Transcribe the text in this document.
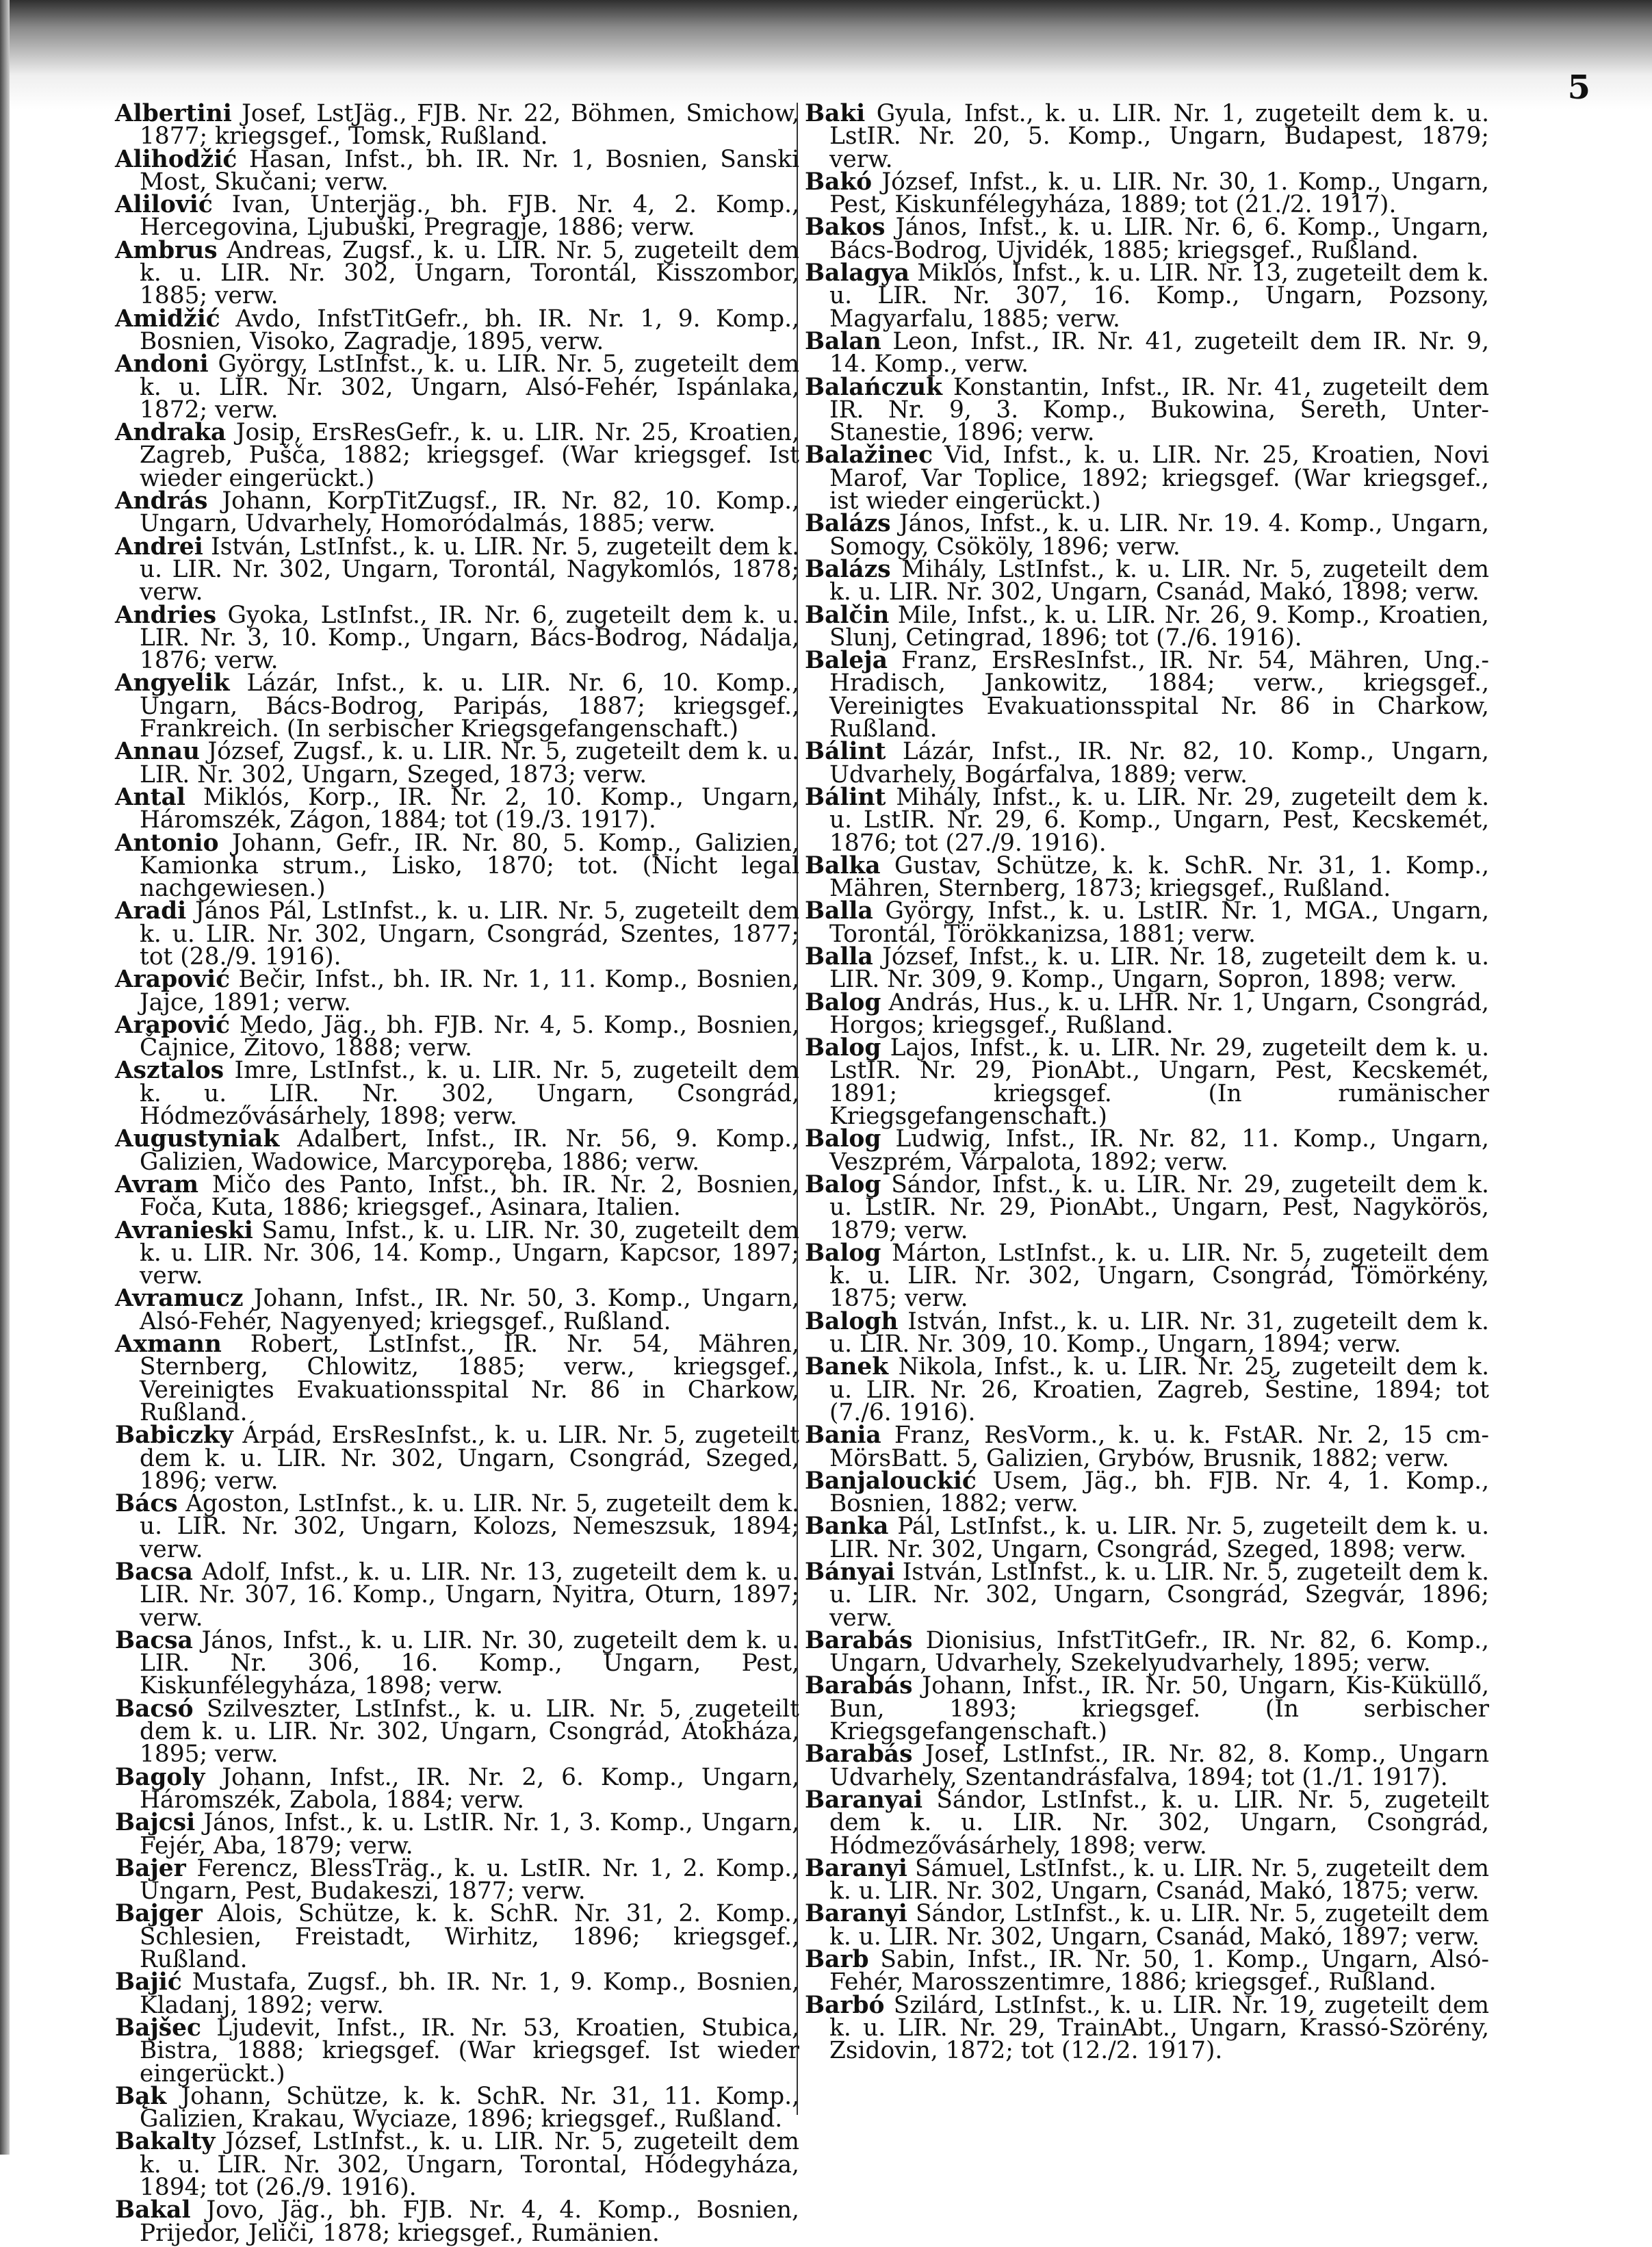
5

Albertini Josef, LstJäg., FJB. Nr. 22, Böhmen, Smichow, 1877; kriegsgef., Tomsk, Rußland.

Alihodžić Hasan, Infst., bh. IR. Nr. 1, Bosnien, Sanski Most, Skučani; verw.

Alilović Ivan, Unterjäg., bh. FJB. Nr. 4, 2. Komp., Hercegovina, Ljubuški, Pregragje, 1886; verw.

Ambrus Andreas, Zugsf., k. u. LIR. Nr. 5, zugeteilt dem k. u. LIR. Nr. 302, Ungarn, Torontál, Kisszombor, 1885; verw.

Amidžić Avdo, InfstTitGefr., bh. IR. Nr. 1, 9. Komp., Bosnien, Visoko, Zagradje, 1895, verw.

Andoni György, LstInfst., k. u. LIR. Nr. 5, zugeteilt dem k. u. LIR. Nr. 302, Ungarn, Alsó-Fehér, Ispánlaka, 1872; verw.

Andraka Josip, ErsResGefr., k. u. LIR. Nr. 25, Kroatien, Zagreb, Pušča, 1882; kriegsgef. (War kriegsgef. Ist wieder eingerückt.)

András Johann, KorpTitZugsf., IR. Nr. 82, 10. Komp., Ungarn, Udvarhely, Homoródalmás, 1885; verw.

Andrei István, LstInfst., k. u. LIR. Nr. 5, zugeteilt dem k. u. LIR. Nr. 302, Ungarn, Torontál, Nagykomlós, 1878; verw.

Andries Gyoka, LstInfst., IR. Nr. 6, zugeteilt dem k. u. LIR. Nr. 3, 10. Komp., Ungarn, Bács-Bodrog, Nádalja, 1876; verw.

Angyelik Lázár, Infst., k. u. LIR. Nr. 6, 10. Komp., Ungarn, Bács-Bodrog, Paripás, 1887; kriegsgef., Frankreich. (In serbischer Kriegsgefangenschaft.)

Annau József, Zugsf., k. u. LIR. Nr. 5, zugeteilt dem k. u. LIR. Nr. 302, Ungarn, Szeged, 1873; verw.

Antal Miklós, Korp., IR. Nr. 2, 10. Komp., Ungarn, Háromszék, Zágon, 1884; tot (19./3. 1917).

Antonio Johann, Gefr., IR. Nr. 80, 5. Komp., Galizien, Kamionka strum., Lisko, 1870; tot. (Nicht legal nachgewiesen.)

Aradi János Pál, LstInfst., k. u. LIR. Nr. 5, zugeteilt dem k. u. LIR. Nr. 302, Ungarn, Csongrád, Szentes, 1877; tot (28./9. 1916).

Arapović Bečir, Infst., bh. IR. Nr. 1, 11. Komp., Bosnien, Jajce, 1891; verw.

Arapović Medo, Jäg., bh. FJB. Nr. 4, 5. Komp., Bosnien, Čajnice, Žitovo, 1888; verw.

Asztalos Imre, LstInfst., k. u. LIR. Nr. 5, zugeteilt dem k. u. LIR. Nr. 302, Ungarn, Csongrád, Hódmezővásárhely, 1898; verw.

Augustyniak Adalbert, Infst., IR. Nr. 56, 9. Komp., Galizien, Wadowice, Marcyporęba, 1886; verw.

Avram Mičo des Panto, Infst., bh. IR. Nr. 2, Bosnien, Foča, Kuta, 1886; kriegsgef., Asinara, Italien.

Avranieski Samu, Infst., k. u. LIR. Nr. 30, zugeteilt dem k. u. LIR. Nr. 306, 14. Komp., Ungarn, Kapcsor, 1897; verw.

Avramucz Johann, Infst., IR. Nr. 50, 3. Komp., Ungarn, Alsó-Fehér, Nagyenyed; kriegsgef., Rußland.

Axmann Robert, LstInfst., IR. Nr. 54, Mähren, Sternberg, Chlowitz, 1885; verw., kriegsgef., Vereinigtes Evakuationsspital Nr. 86 in Charkow, Rußland.

Babiczky Árpád, ErsResInfst., k. u. LIR. Nr. 5, zugeteilt dem k. u. LIR. Nr. 302, Ungarn, Csongrád, Szeged, 1896; verw.

Bács Ágoston, LstInfst., k. u. LIR. Nr. 5, zugeteilt dem k. u. LIR. Nr. 302, Ungarn, Kolozs, Nemeszsuk, 1894; verw.

Bacsa Adolf, Infst., k. u. LIR. Nr. 13, zugeteilt dem k. u. LIR. Nr. 307, 16. Komp., Ungarn, Nyitra, Oturn, 1897; verw.

Bacsa János, Infst., k. u. LIR. Nr. 30, zugeteilt dem k. u. LIR. Nr. 306, 16. Komp., Ungarn, Pest, Kiskunfélegyháza, 1898; verw.

Bacsó Szilveszter, LstInfst., k. u. LIR. Nr. 5, zugeteilt dem k. u. LIR. Nr. 302, Ungarn, Csongrád, Átokháza, 1895; verw.

Bagoly Johann, Infst., IR. Nr. 2, 6. Komp., Ungarn, Háromszék, Zabola, 1884; verw.

Bajcsi János, Infst., k. u. LstIR. Nr. 1, 3. Komp., Ungarn, Fejér, Aba, 1879; verw.

Bajer Ferencz, BlessTräg., k. u. LstIR. Nr. 1, 2. Komp., Ungarn, Pest, Budakeszi, 1877; verw.

Bajger Alois, Schütze, k. k. SchR. Nr. 31, 2. Komp., Schlesien, Freistadt, Wirhitz, 1896; kriegsgef., Rußland.

Bajić Mustafa, Zugsf., bh. IR. Nr. 1, 9. Komp., Bosnien, Kladanj, 1892; verw.

Bajšec Ljudevit, Infst., IR. Nr. 53, Kroatien, Stubica, Bistra, 1888; kriegsgef. (War kriegsgef. Ist wieder eingerückt.)

Bąk Johann, Schütze, k. k. SchR. Nr. 31, 11. Komp., Galizien, Krakau, Wyciaze, 1896; kriegsgef., Rußland.

Bakalty József, LstInfst., k. u. LIR. Nr. 5, zugeteilt dem k. u. LIR. Nr. 302, Ungarn, Torontal, Hódegyháza, 1894; tot (26./9. 1916).

Bakal Jovo, Jäg., bh. FJB. Nr. 4, 4. Komp., Bosnien, Prijedor, Jeliči, 1878; kriegsgef., Rumänien.

Baki Gyula, Infst., k. u. LIR. Nr. 1, zugeteilt dem k. u. LstIR. Nr. 20, 5. Komp., Ungarn, Budapest, 1879; verw.

Bakó József, Infst., k. u. LIR. Nr. 30, 1. Komp., Ungarn, Pest, Kiskunfélegyháza, 1889; tot (21./2. 1917).

Bakos János, Infst., k. u. LIR. Nr. 6, 6. Komp., Ungarn, Bács-Bodrog, Ujvidék, 1885; kriegsgef., Rußland.

Balagya Miklós, Infst., k. u. LIR. Nr. 13, zugeteilt dem k. u. LIR. Nr. 307, 16. Komp., Ungarn, Pozsony, Magyarfalu, 1885; verw.

Balan Leon, Infst., IR. Nr. 41, zugeteilt dem IR. Nr. 9, 14. Komp., verw.

Balańczuk Konstantin, Infst., IR. Nr. 41, zugeteilt dem IR. Nr. 9, 3. Komp., Bukowina, Sereth, Unter-Stanestie, 1896; verw.

Balažinec Vid, Infst., k. u. LIR. Nr. 25, Kroatien, Novi Marof, Var Toplice, 1892; kriegsgef. (War kriegsgef., ist wieder eingerückt.)

Balázs János, Infst., k. u. LIR. Nr. 19. 4. Komp., Ungarn, Somogy, Csököly, 1896; verw.

Balázs Mihály, LstInfst., k. u. LIR. Nr. 5, zugeteilt dem k. u. LIR. Nr. 302, Ungarn, Csanád, Makó, 1898; verw.

Balčin Mile, Infst., k. u. LIR. Nr. 26, 9. Komp., Kroatien, Slunj, Cetingrad, 1896; tot (7./6. 1916).

Baleja Franz, ErsResInfst., IR. Nr. 54, Mähren, Ung.-Hradisch, Jankowitz, 1884; verw., kriegsgef., Vereinigtes Evakuationsspital Nr. 86 in Charkow, Rußland.

Bálint Lázár, Infst., IR. Nr. 82, 10. Komp., Ungarn, Udvarhely, Bogárfalva, 1889; verw.

Bálint Mihály, Infst., k. u. LIR. Nr. 29, zugeteilt dem k. u. LstIR. Nr. 29, 6. Komp., Ungarn, Pest, Kecskemét, 1876; tot (27./9. 1916).

Balka Gustav, Schütze, k. k. SchR. Nr. 31, 1. Komp., Mähren, Sternberg, 1873; kriegsgef., Rußland.

Balla György, Infst., k. u. LstIR. Nr. 1, MGA., Ungarn, Torontál, Törökkanizsa, 1881; verw.

Balla József, Infst., k. u. LIR. Nr. 18, zugeteilt dem k. u. LIR. Nr. 309, 9. Komp., Ungarn, Sopron, 1898; verw.

Balog András, Hus., k. u. LHR. Nr. 1, Ungarn, Csongrád, Horgos; kriegsgef., Rußland.

Balog Lajos, Infst., k. u. LIR. Nr. 29, zugeteilt dem k. u. LstIR. Nr. 29, PionAbt., Ungarn, Pest, Kecskemét, 1891; kriegsgef. (In rumänischer Kriegsgefangenschaft.)

Balog Ludwig, Infst., IR. Nr. 82, 11. Komp., Ungarn, Veszprém, Várpalota, 1892; verw.

Balog Sándor, Infst., k. u. LIR. Nr. 29, zugeteilt dem k. u. LstIR. Nr. 29, PionAbt., Ungarn, Pest, Nagykörös, 1879; verw.

Balog Márton, LstInfst., k. u. LIR. Nr. 5, zugeteilt dem k. u. LIR. Nr. 302, Ungarn, Csongrád, Tömörkény, 1875; verw.

Balogh István, Infst., k. u. LIR. Nr. 31, zugeteilt dem k. u. LIR. Nr. 309, 10. Komp., Ungarn, 1894; verw.

Banek Nikola, Infst., k. u. LIR. Nr. 25, zugeteilt dem k. u. LIR. Nr. 26, Kroatien, Zagreb, Šestine, 1894; tot (7./6. 1916).

Bania Franz, ResVorm., k. u. k. FstAR. Nr. 2, 15 cm-MörsBatt. 5, Galizien, Grybów, Brusnik, 1882; verw.

Banjalouckić Usem, Jäg., bh. FJB. Nr. 4, 1. Komp., Bosnien, 1882; verw.

Banka Pál, LstInfst., k. u. LIR. Nr. 5, zugeteilt dem k. u. LIR. Nr. 302, Ungarn, Csongrád, Szeged, 1898; verw.

Bányai István, LstInfst., k. u. LIR. Nr. 5, zugeteilt dem k. u. LIR. Nr. 302, Ungarn, Csongrád, Szegvár, 1896; verw.

Barabás Dionisius, InfstTitGefr., IR. Nr. 82, 6. Komp., Ungarn, Udvarhely, Szekelyudvarhely, 1895; verw.

Barabás Johann, Infst., IR. Nr. 50, Ungarn, Kis-Küküllő, Bun, 1893; kriegsgef. (In serbischer Kriegsgefangenschaft.)

Barabás Josef, LstInfst., IR. Nr. 82, 8. Komp., Ungarn Udvarhely, Szentandrásfalva, 1894; tot (1./1. 1917).

Baranyai Sándor, LstInfst., k. u. LIR. Nr. 5, zugeteilt dem k. u. LIR. Nr. 302, Ungarn, Csongrád, Hódmezővásárhely, 1898; verw.

Baranyi Sámuel, LstInfst., k. u. LIR. Nr. 5, zugeteilt dem k. u. LIR. Nr. 302, Ungarn, Csanád, Makó, 1875; verw.

Baranyi Sándor, LstInfst., k. u. LIR. Nr. 5, zugeteilt dem k. u. LIR. Nr. 302, Ungarn, Csanád, Makó, 1897; verw.

Barb Sabin, Infst., IR. Nr. 50, 1. Komp., Ungarn, Alsó-Fehér, Marosszentimre, 1886; kriegsgef., Rußland.

Barbó Szilárd, LstInfst., k. u. LIR. Nr. 19, zugeteilt dem k. u. LIR. Nr. 29, TrainAbt., Ungarn, Krassó-Szörény, Zsidovin, 1872; tot (12./2. 1917).
